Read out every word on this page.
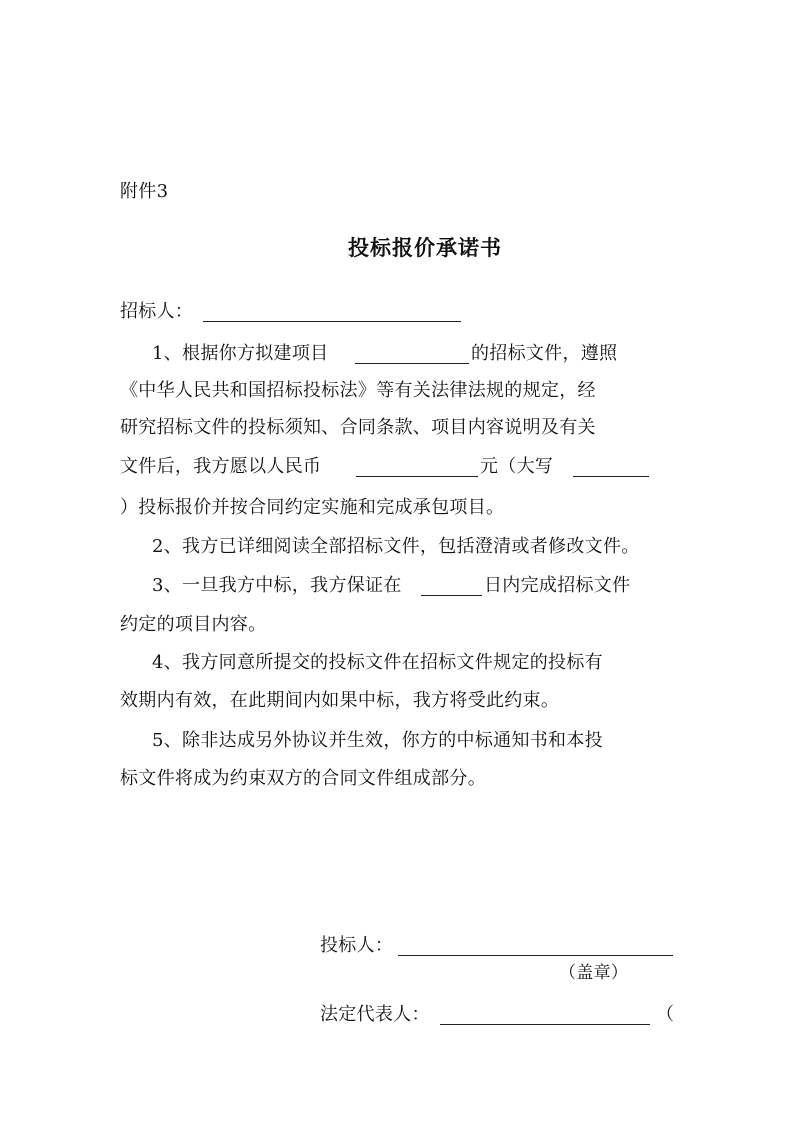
附件3
投标报价承诺书
招标人：
1、根据你方拟建项目	的招标文件，遵照
《中华人民共和国招标投标法》等有关法律法规的规定，经
研究招标文件的投标须知、合同条款、项目内容说明及有关
文件后，我方愿以人民币	元（大写
）投标报价并按合同约定实施和完成承包项目。
2、我方已详细阅读全部招标文件，包括澄清或者修改文件。
3、一旦我方中标，我方保证在	日内完成招标文件
约定的项目内容。
4、我方同意所提交的投标文件在招标文件规定的投标有
效期内有效，在此期间内如果中标，我方将受此约束。
5、除非达成另外协议并生效，你方的中标通知书和本投
标文件将成为约束双方的合同文件组成部分。
投标人：
（盖章）
法定代表人：	（
